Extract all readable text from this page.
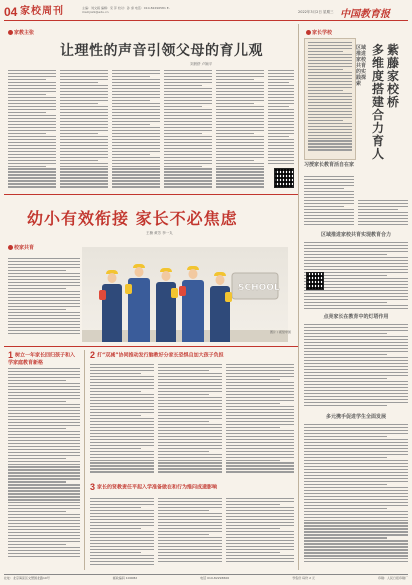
04 家校周刊	主编：刘文娟 编辑：宋 萍 校对：孙 睿 电话：010-82296581 E-mail:jxzk@edu.cn	2022年3月2日 星期三 中国教育报
家教主张
让理性的声音引领父母的育儿观
刘晨舒 卢婉平
幼小有效衔接 家长不必焦虑
王楠 黄芳 李一丸
校家共育
SCHOOL
图片 / 视觉中国
1 树立一年家长回归孩子和入学家庭教育新格
2 打“双减”协同推动发行脑教好分家长恐惧自加大孩子负担
3 家长的贤教责任平起入学准备做在和行为维问成遗影响
家长学校
区域推进家校共育的实践探索
多维度搭建合力育人
紫藤家校桥
习授家长教育活自在家
区域推进家校共育实现教育合力
点亮家长在教育中的灯塔作用
多元携手促进学生全面发展
社址：北京海淀区文慧园北路10号	邮政编码 100082	电话 010-82296500	零售价 每份 2 元	印刷：人民日报印刷厂
